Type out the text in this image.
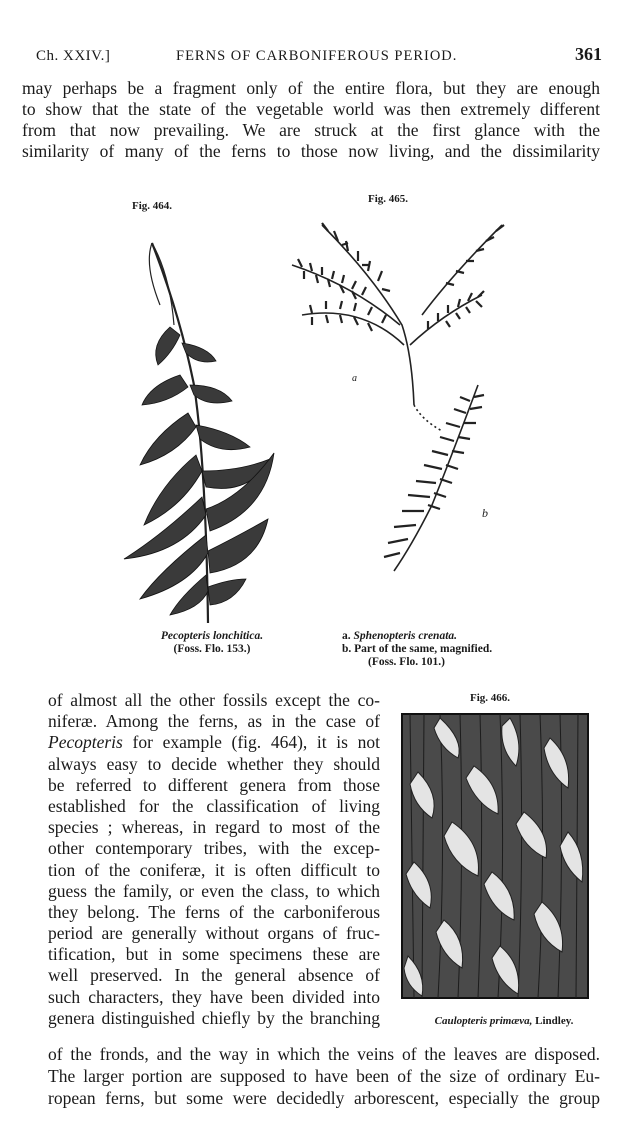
Ch. XXIV.]	FERNS OF CARBONIFEROUS PERIOD.	361
may perhaps be a fragment only of the entire flora, but they are enough
to show that the state of the vegetable world was then extremely different
from that now prevailing. We are struck at the first glance with the
similarity of many of the ferns to those now living, and the dissimilarity
Fig. 464.
Pecopteris lonchitica.
(Foss. Flo. 153.)
Fig. 465.
a
b
a. Sphenopteris crenata.
b. Part of the same, magnified.
(Foss. Flo. 101.)
of almost all the other fossils except the co-
niferæ. Among the ferns, as in the case of
Pecopteris for example (fig. 464), it is not
always easy to decide whether they should
be referred to different genera from those
established for the classification of living
species ; whereas, in regard to most of the
other contemporary tribes, with the excep-
tion of the coniferæ, it is often difficult to
guess the family, or even the class, to which
they belong. The ferns of the carboniferous
period are generally without organs of fruc-
tification, but in some specimens these are
well preserved. In the general absence of
such characters, they have been divided into
genera distinguished chiefly by the branching
Fig. 466.
Caulopteris primæva, Lindley.
of the fronds, and the way in which the veins of the leaves are disposed.
The larger portion are supposed to have been of the size of ordinary Eu-
ropean ferns, but some were decidedly arborescent, especially the group
